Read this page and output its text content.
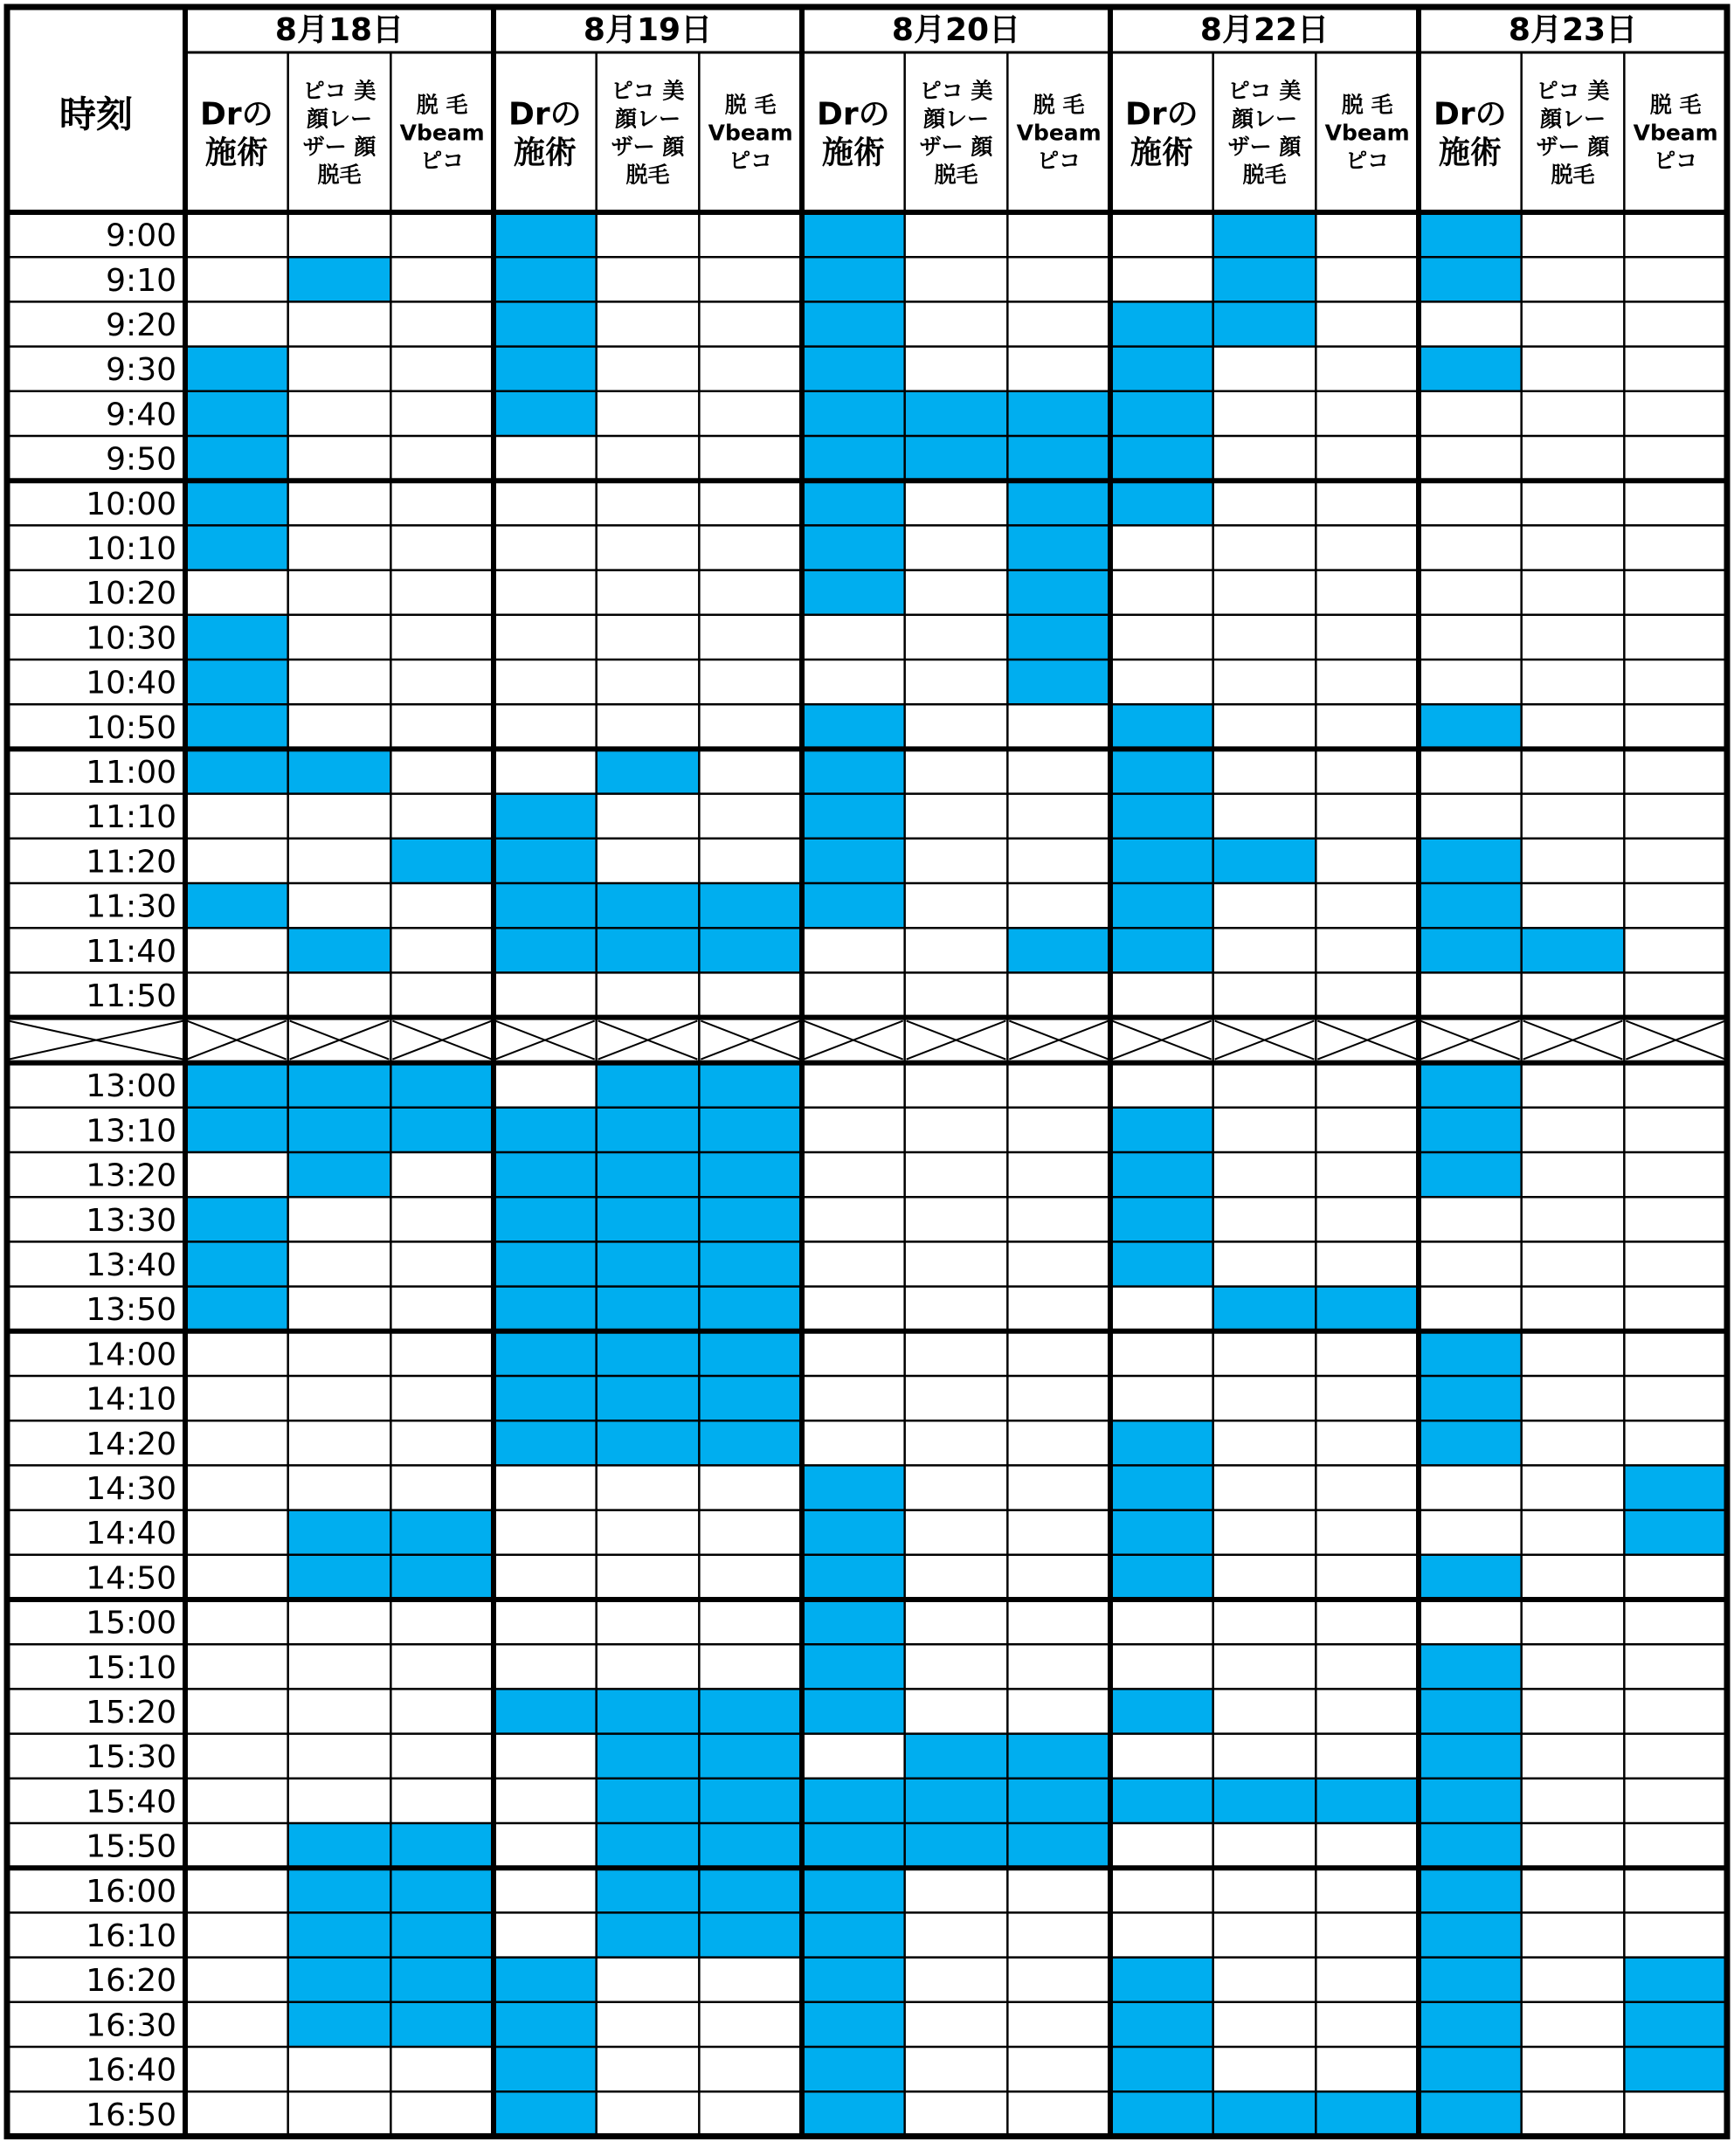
時刻
8月18日
Drの
施術
ピコ 美
顔レー
ザー 顔
脱毛
脱 毛
Vbeam
ピコ
8月19日
Drの
施術
ピコ 美
顔レー
ザー 顔
脱毛
脱 毛
Vbeam
ピコ
8月20日
Drの
施術
ピコ 美
顔レー
ザー 顔
脱毛
脱 毛
Vbeam
ピコ
8月22日
Drの
施術
ピコ 美
顔レー
ザー 顔
脱毛
脱 毛
Vbeam
ピコ
8月23日
Drの
施術
ピコ 美
顔レー
ザー 顔
脱毛
脱 毛
Vbeam
ピコ
9:00
9:10
9:20
9:30
9:40
9:50
10:00
10:10
10:20
10:30
10:40
10:50
11:00
11:10
11:20
11:30
11:40
11:50
13:00
13:10
13:20
13:30
13:40
13:50
14:00
14:10
14:20
14:30
14:40
14:50
15:00
15:10
15:20
15:30
15:40
15:50
16:00
16:10
16:20
16:30
16:40
16:50
